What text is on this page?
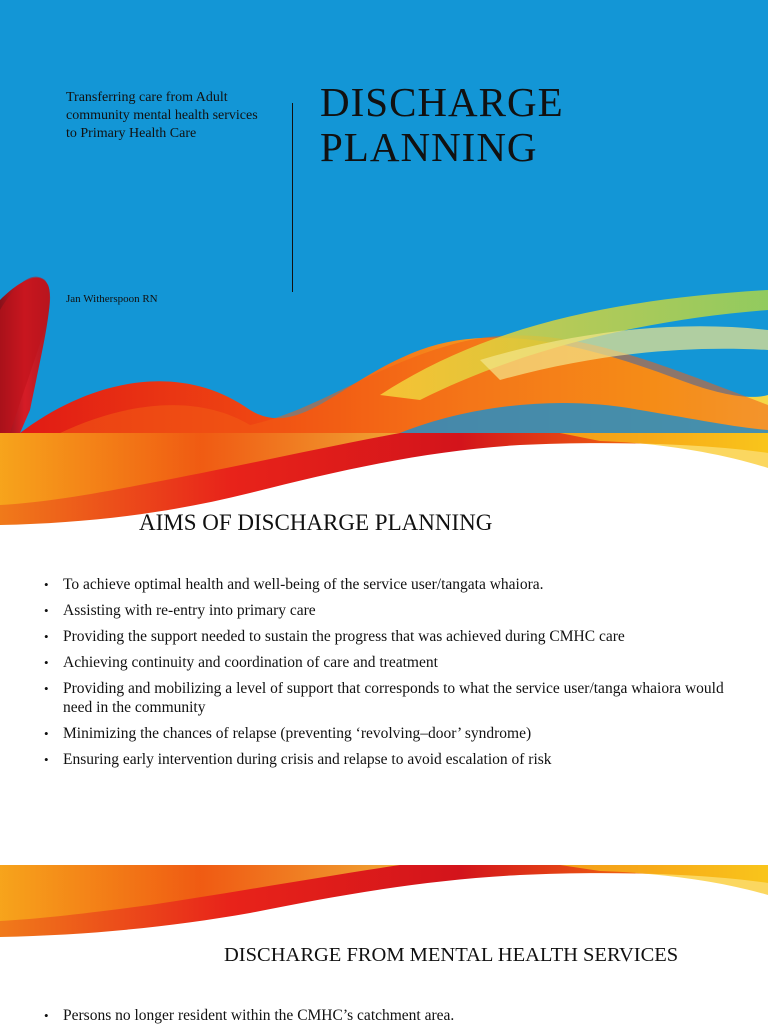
Transferring care from Adult community mental health services to Primary Health Care
DISCHARGE
PLANNING
Jan Witherspoon RN
AIMS OF DISCHARGE PLANNING
• To achieve optimal health and well-being of the service user/tangata whaiora.
• Assisting with re-entry into primary care
• Providing the support needed to sustain the progress that was achieved during CMHC care
• Achieving continuity and coordination of care and treatment
• Providing and mobilizing a level of support that corresponds to what the service user/tanga whaiora would need in the community
• Minimizing the chances of relapse (preventing ‘revolving–door’ syndrome)
• Ensuring early intervention during crisis and relapse to avoid escalation of risk
DISCHARGE FROM MENTAL HEALTH SERVICES
• Persons no longer resident within the CMHC’s catchment area.
